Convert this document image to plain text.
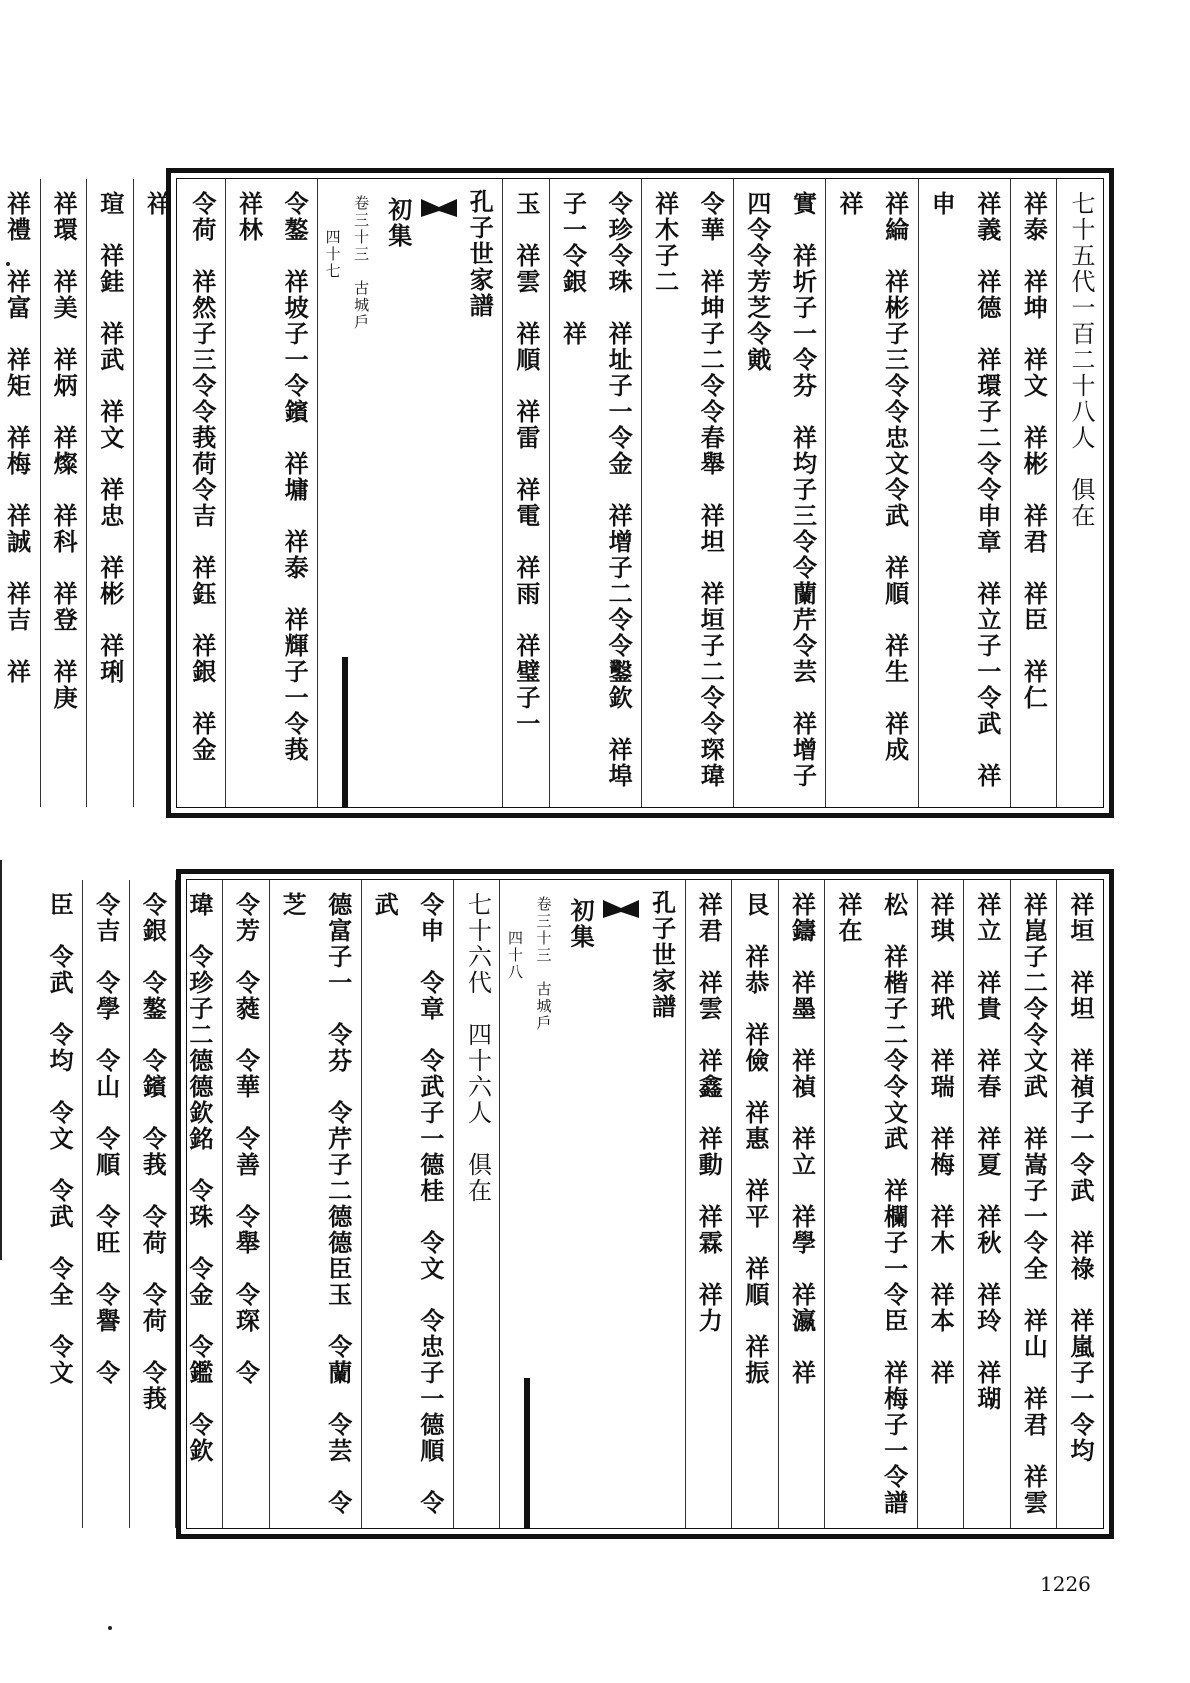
七十五代一百二十八人　俱在
祥泰　祥坤　祥文　祥彬　祥君　祥臣　祥仁
祥義　祥德　祥環子二令令申章　祥立子一令武　祥申
祥綸　祥彬子三令令忠文令武　祥順　祥生　祥成　祥
實　祥圻子一令芬　祥均子三令令蘭芹令芸　祥增子四令令芳芝令戭
令華　祥坤子二令令春舉　祥坦　祥垣子二令令琛瑋　祥木子二
令珍令珠　祥址子一令金　祥增子二令令鑿欽　祥埠子一令銀　祥
玉　祥雲　祥順　祥雷　祥電　祥雨　祥璧子一
孔子世家譜
初集
卷三十三　古城戶
四十七
令鏊　祥坡子一令鑌　祥墉　祥泰　祥輝子一令莪　祥林
令荷　祥然子三令令莪荷令吉　祥鈺　祥銀　祥金　祥
瑄　祥銈　祥武　祥文　祥忠　祥彬　祥琍
祥環　祥美　祥炳　祥燦　祥科　祥登　祥庚
祥禮　祥富　祥矩　祥梅　祥誠　祥吉　祥
祥垣　祥坦　祥禎子一令武　祥祿　祥嵐子一令均
祥崑子二令令文武　祥嵩子一令全　祥山　祥君　祥雲
祥立　祥貴　祥春　祥夏　祥秋　祥玲　祥瑚
祥琪　祥玳　祥瑞　祥梅　祥木　祥本　祥
松　祥楷子二令令文武　祥欄子一令臣　祥梅子一令譜　祥在
祥鑄　祥墨　祥禎　祥立　祥學　祥瀛　祥
艮　祥恭　祥儉　祥惠　祥平　祥順　祥振
祥君　祥雲　祥鑫　祥動　祥霖　祥力
孔子世家譜
初集
卷三十三　古城戶
四十八
七十六代　四十六人　俱在
令申　令章　令武子一德桂　令文　令忠子一德順　令武
德富子一　令芬　令芹子二德德臣玉　令蘭　令芸　令芝
令芳　令蕤　令華　令善　令舉　令琛　令
瑋　令珍子二德德欽銘　令珠　令金　令鑑　令欽
令銀　令鏊　令鑌　令莪　令荷　令荷　令莪
令吉　令學　令山　令順　令旺　令譽　令
臣　令武　令均　令文　令武　令全　令文
1226
